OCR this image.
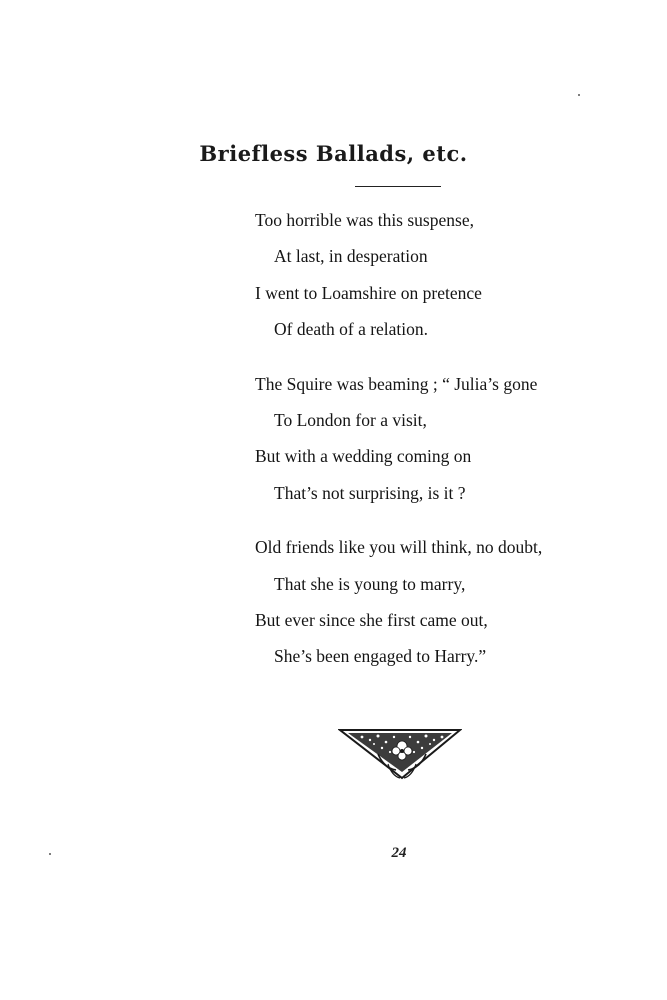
Briefless Ballads, etc.

Too horrible was this suspense,

At last, in desperation

I went to Loamshire on pretence

Of death of a relation.

The Squire was beaming ; “ Julia’s gone

To London for a visit,

But with a wedding coming on

That’s not surprising, is it ?

Old friends like you will think, no doubt,

That she is young to marry,

But ever since she first came out,

She’s been engaged to Harry.”

24
